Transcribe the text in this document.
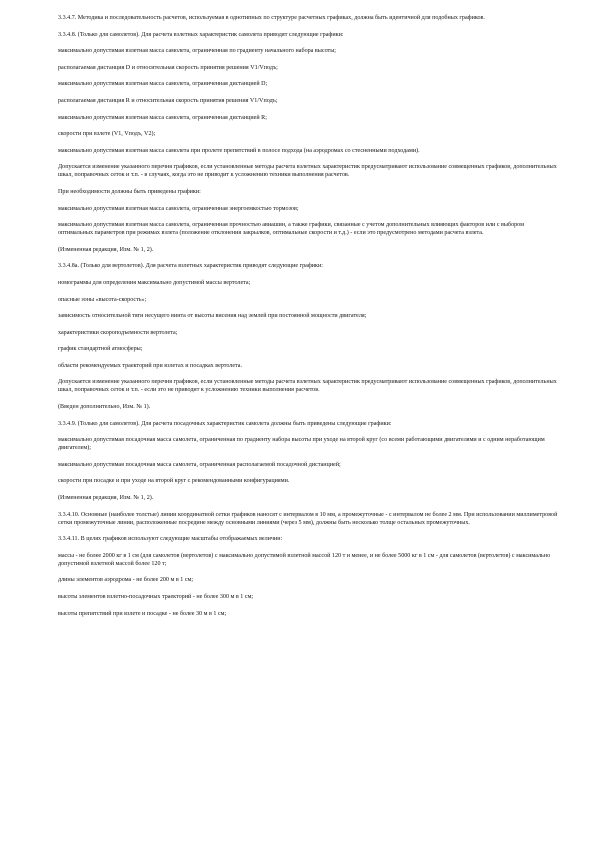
3.3.4.7. Методика и последовательность расчетов, используемая в однотипных по структуре расчетных графиках, должна быть идентичной для подобных графиков.

3.3.4.8. (Только для самолетов). Для расчета взлетных характеристик самолета приводят следующие графики:

максимально допустимая взлетная масса самолета, ограниченная по градиенту начального набора высоты;

располагаемая дистанция D и относительная скорость принятия решения V1/Vподъ;

максимально допустимая взлетная масса самолета, ограниченная дистанцией D;

располагаемая дистанция R и относительная скорость принятия решения V1/Vподъ;

максимально допустимая взлетная масса самолета, ограниченная дистанцией R;

скорости при взлете (V1, Vподъ, V2);

максимально допустимая взлетная масса самолета при пролете препятствий в полосе подхода (на аэродромах со стесненными подходами).

Допускается изменение указанного перечня графиков, если установленные методы расчета взлетных характеристик предусматривают использование совмещенных графиков, дополнительных шкал, поправочных сеток и т.п. - в случаях, когда это не приводит к усложнению техники выполнения расчетов.

При необходимости должны быть приведены графики:

максимально допустимая взлетная масса самолета, ограниченная энергоемкостью тормозов;

максимально допустимая взлетная масса самолета, ограниченная прочностью авиашин, а также графики, связанные с учетом дополнительных влияющих факторов или с выбором оптимальных параметров при режимах взлета (положение отклонения закрылков, оптимальные скорости и т.д.) - если это предусмотрено методами расчета взлета.

(Измененная редакция, Изм. № 1, 2).

3.3.4.8а. (Только для вертолетов). Для расчета взлетных характеристик приводят следующие графики:

номограммы для определения максимально допустимой массы вертолета;

опасные зоны «высота-скорость»;

зависимость относительной тяги несущего винта от высоты висения над землей при постоянной мощности двигателя;

характеристики скороподъемности вертолета;

график стандартной атмосферы;

области рекомендуемых траекторий при взлетах и посадках вертолета.

Допускается изменение указанного перечня графиков, если установленные методы расчета взлетных характеристик предусматривают использование совмещенных графиков, дополнительных шкал, поправочных сеток и т.п. - если это не приводит к усложнению техники выполнения расчетов.

(Введен дополнительно, Изм. № 1).

3.3.4.9. (Только для самолетов). Для расчета посадочных характеристик самолета должны быть приведены следующие графики:

максимально допустимая посадочная масса самолета, ограниченная по градиенту набора высоты при уходе на второй круг (со всеми работающими двигателями и с одним неработающим двигателем);

максимально допустимая посадочная масса самолета, ограниченная располагаемой посадочной дистанцией;

скорости при посадке и при уходе на второй круг с рекомендованными конфигурациями.

(Измененная редакция, Изм. № 1, 2).

3.3.4.10. Основные (наиболее толстые) линии координатной сетки графиков наносят с интервалом в 10 мм, а промежуточные - с интервалом не более 2 мм. При использовании миллиметровой сетки промежуточные линии, расположенные посредине между основными линиями (через 5 мм), должны быть несколько толще остальных промежуточных.

3.3.4.11. В целях графиков используют следующие масштабы отображаемых величин:

массы - не более 2000 кг в 1 см (для самолетов (вертолетов) с максимально допустимой взлетной массой 120 т и менее, и не более 5000 кг в 1 см - для самолетов (вертолетов) с максимально допустимой взлетной массой более 120 т;

длины элементов аэродрома - не более 200 м в 1 см;

высоты элементов взлетно-посадочных траекторий - не более 300 м в 1 см;

высоты препятствий при взлете и посадке - не более 30 м в 1 см;
